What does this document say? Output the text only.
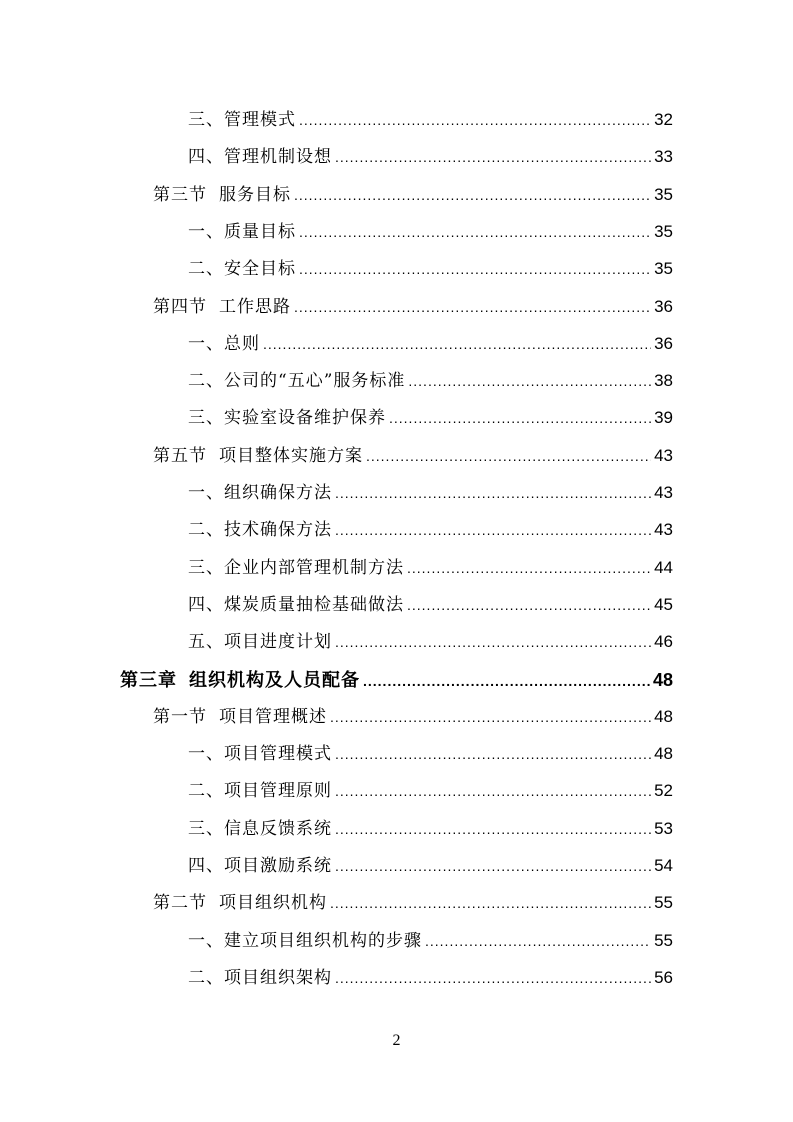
三、管理模式 .....	32
四、管理机制设想 .....	33
第三节 服务目标 .....	35
一、质量目标 .....	35
二、安全目标 .....	35
第四节 工作思路 .....	36
一、总则 .....	36
二、公司的“五心”服务标准 .....	38
三、实验室设备维护保养 .....	39
第五节 项目整体实施方案 .....	43
一、组织确保方法 .....	43
二、技术确保方法 .....	43
三、企业内部管理机制方法 .....	44
四、煤炭质量抽检基础做法 .....	45
五、项目进度计划 .....	46
第三章 组织机构及人员配备 .....	48
第一节 项目管理概述 .....	48
一、项目管理模式 .....	48
二、项目管理原则 .....	52
三、信息反馈系统 .....	53
四、项目激励系统 .....	54
第二节 项目组织机构 .....	55
一、建立项目组织机构的步骤 .....	55
二、项目组织架构 .....	56
2
